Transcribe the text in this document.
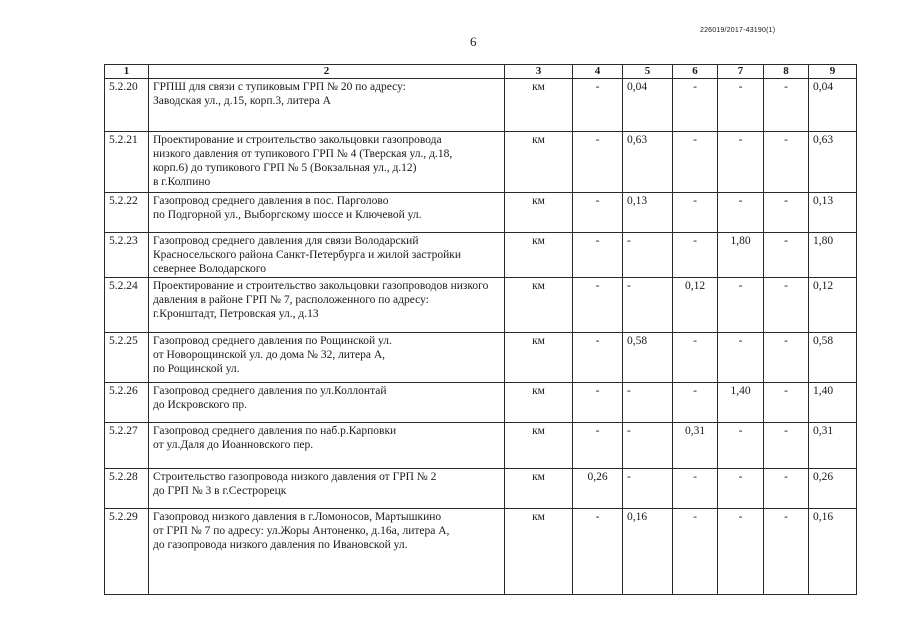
6
226019/2017-43190(1)
1	2	3	4	5	6	7	8	9
5.2.20	ГРПШ для связи с тупиковым ГРП № 20 по адресу:
Заводская ул., д.15, корп.3, литера А	км	-	0,04	-	-	-	0,04
5.2.21	Проектирование и строительство закольцовки газопровода
низкого давления от тупикового ГРП № 4 (Тверская ул., д.18,
корп.6) до тупикового ГРП № 5 (Вокзальная ул., д.12)
в г.Колпино	км	-	0,63	-	-	-	0,63
5.2.22	Газопровод среднего давления в пос. Парголово
по Подгорной ул., Выборгскому шоссе и Ключевой ул.	км	-	0,13	-	-	-	0,13
5.2.23	Газопровод среднего давления для связи Володарский
Красносельского района Санкт-Петербурга и жилой застройки
севернее Володарского	км	-	-	-	1,80	-	1,80
5.2.24	Проектирование и строительство закольцовки газопроводов низкого
давления в районе ГРП № 7, расположенного по адресу:
г.Кронштадт, Петровская ул., д.13	км	-	-	0,12	-	-	0,12
5.2.25	Газопровод среднего давления по Рощинской ул.
от Новорощинской ул. до дома № 32, литера А,
по Рощинской ул.	км	-	0,58	-	-	-	0,58
5.2.26	Газопровод среднего давления по ул.Коллонтай
до Искровского пр.	км	-	-	-	1,40	-	1,40
5.2.27	Газопровод среднего давления по наб.р.Карповки
от ул.Даля до Иоанновского пер.	км	-	-	0,31	-	-	0,31
5.2.28	Строительство газопровода низкого давления от ГРП № 2
до ГРП № 3 в г.Сестрорецк	км	0,26	-	-	-	-	0,26
5.2.29	Газопровод низкого давления в г.Ломоносов, Мартышкино
от ГРП № 7 по адресу: ул.Жоры Антоненко, д.16а, литера А,
до газопровода низкого давления по Ивановской ул.	км	-	0,16	-	-	-	0,16
